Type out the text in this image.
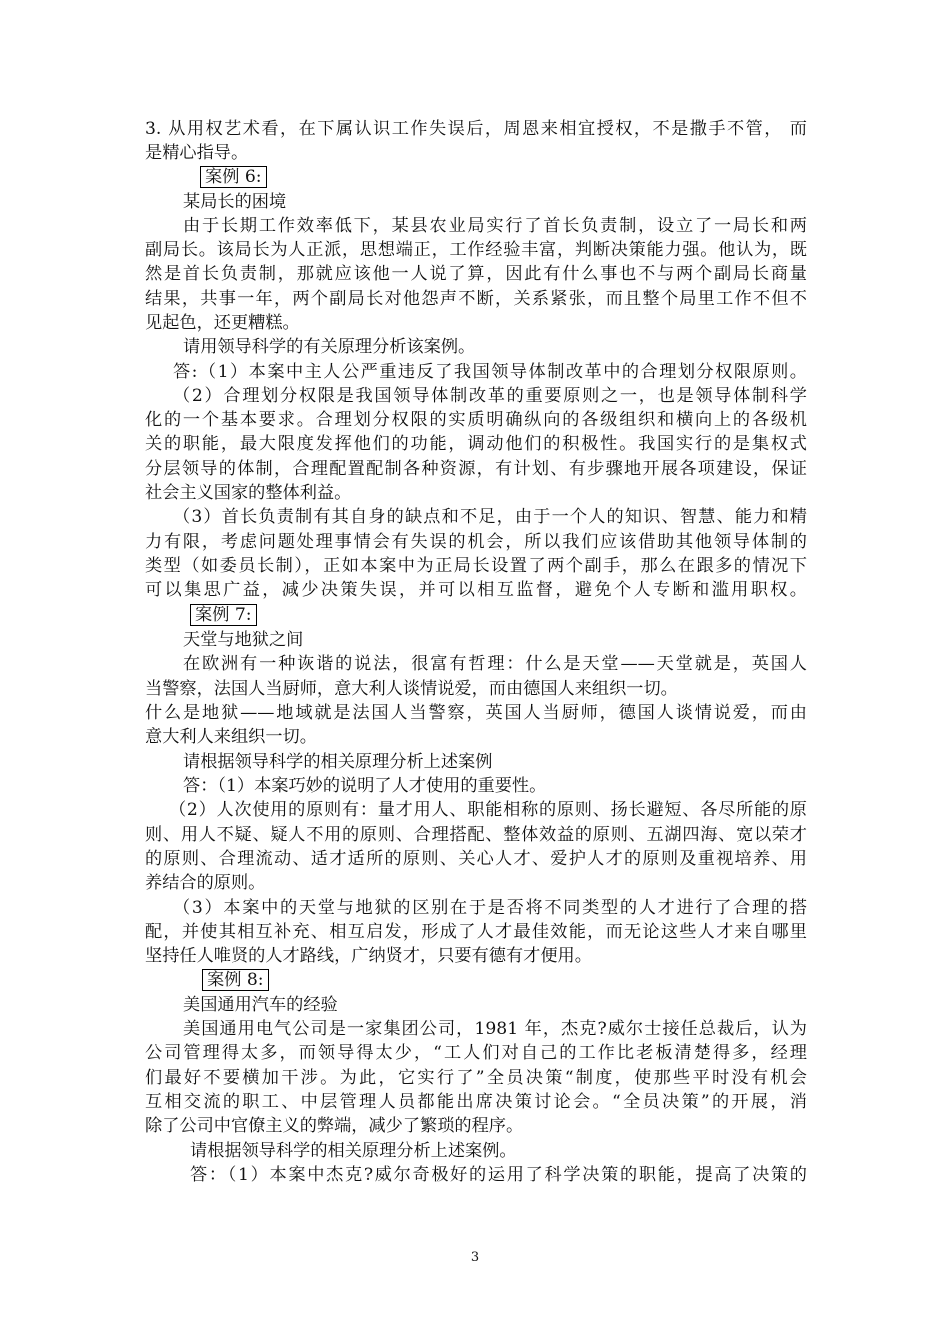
3. 从用权艺术看，在下属认识工作失误后，周恩来相宜授权，不是撒手不管， 而
是精心指导。
案例 6:
某局长的困境
由于长期工作效率低下，某县农业局实行了首长负责制，设立了一局长和两
副局长。该局长为人正派，思想端正，工作经验丰富，判断决策能力强。他认为，既
然是首长负责制，那就应该他一人说了算，因此有什么事也不与两个副局长商量
结果，共事一年，两个副局长对他怨声不断，关系紧张，而且整个局里工作不但不
见起色，还更糟糕。
请用领导科学的有关原理分析该案例。
答:（1）本案中主人公严重违反了我国领导体制改革中的合理划分权限原则。
（2）合理划分权限是我国领导体制改革的重要原则之一，也是领导体制科学
化的一个基本要求。合理划分权限的实质明确纵向的各级组织和横向上的各级机
关的职能，最大限度发挥他们的功能，调动他们的积极性。我国实行的是集权式
分层领导的体制，合理配置配制各种资源，有计划、有步骤地开展各项建设，保证
社会主义国家的整体利益。
（3）首长负责制有其自身的缺点和不足，由于一个人的知识、智慧、能力和精
力有限，考虑问题处理事情会有失误的机会，所以我们应该借助其他领导体制的
类型（如委员长制），正如本案中为正局长设置了两个副手，那么在跟多的情况下
可以集思广益，减少决策失误，并可以相互监督，避免个人专断和滥用职权。
案例 7:
天堂与地狱之间
在欧洲有一种诙谐的说法，很富有哲理：什么是天堂——天堂就是，英国人
当警察，法国人当厨师，意大利人谈情说爱，而由德国人来组织一切。
什么是地狱——地域就是法国人当警察，英国人当厨师，德国人谈情说爱，而由
意大利人来组织一切。
请根据领导科学的相关原理分析上述案例
答：（1）本案巧妙的说明了人才使用的重要性。
（2）人次使用的原则有：量才用人、职能相称的原则、扬长避短、各尽所能的原
则、用人不疑、疑人不用的原则、合理搭配、整体效益的原则、五湖四海、宽以荣才
的原则、合理流动、适才适所的原则、关心人才、爱护人才的原则及重视培养、用
养结合的原则。
（3）本案中的天堂与地狱的区别在于是否将不同类型的人才进行了合理的搭
配，并使其相互补充、相互启发，形成了人才最佳效能，而无论这些人才来自哪里
坚持任人唯贤的人才路线，广纳贤才，只要有德有才便用。
案例 8:
美国通用汽车的经验
美国通用电气公司是一家集团公司，1981 年，杰克?威尔士接任总裁后，认为
公司管理得太多，而领导得太少，“工人们对自己的工作比老板清楚得多，经理
们最好不要横加干涉。为此，它实行了”全员决策“制度，使那些平时没有机会
互相交流的职工、中层管理人员都能出席决策讨论会。“全员决策”的开展，消
除了公司中官僚主义的弊端，减少了繁琐的程序。
请根据领导科学的相关原理分析上述案例。
答：（1）本案中杰克?威尔奇极好的运用了科学决策的职能，提高了决策的
3
